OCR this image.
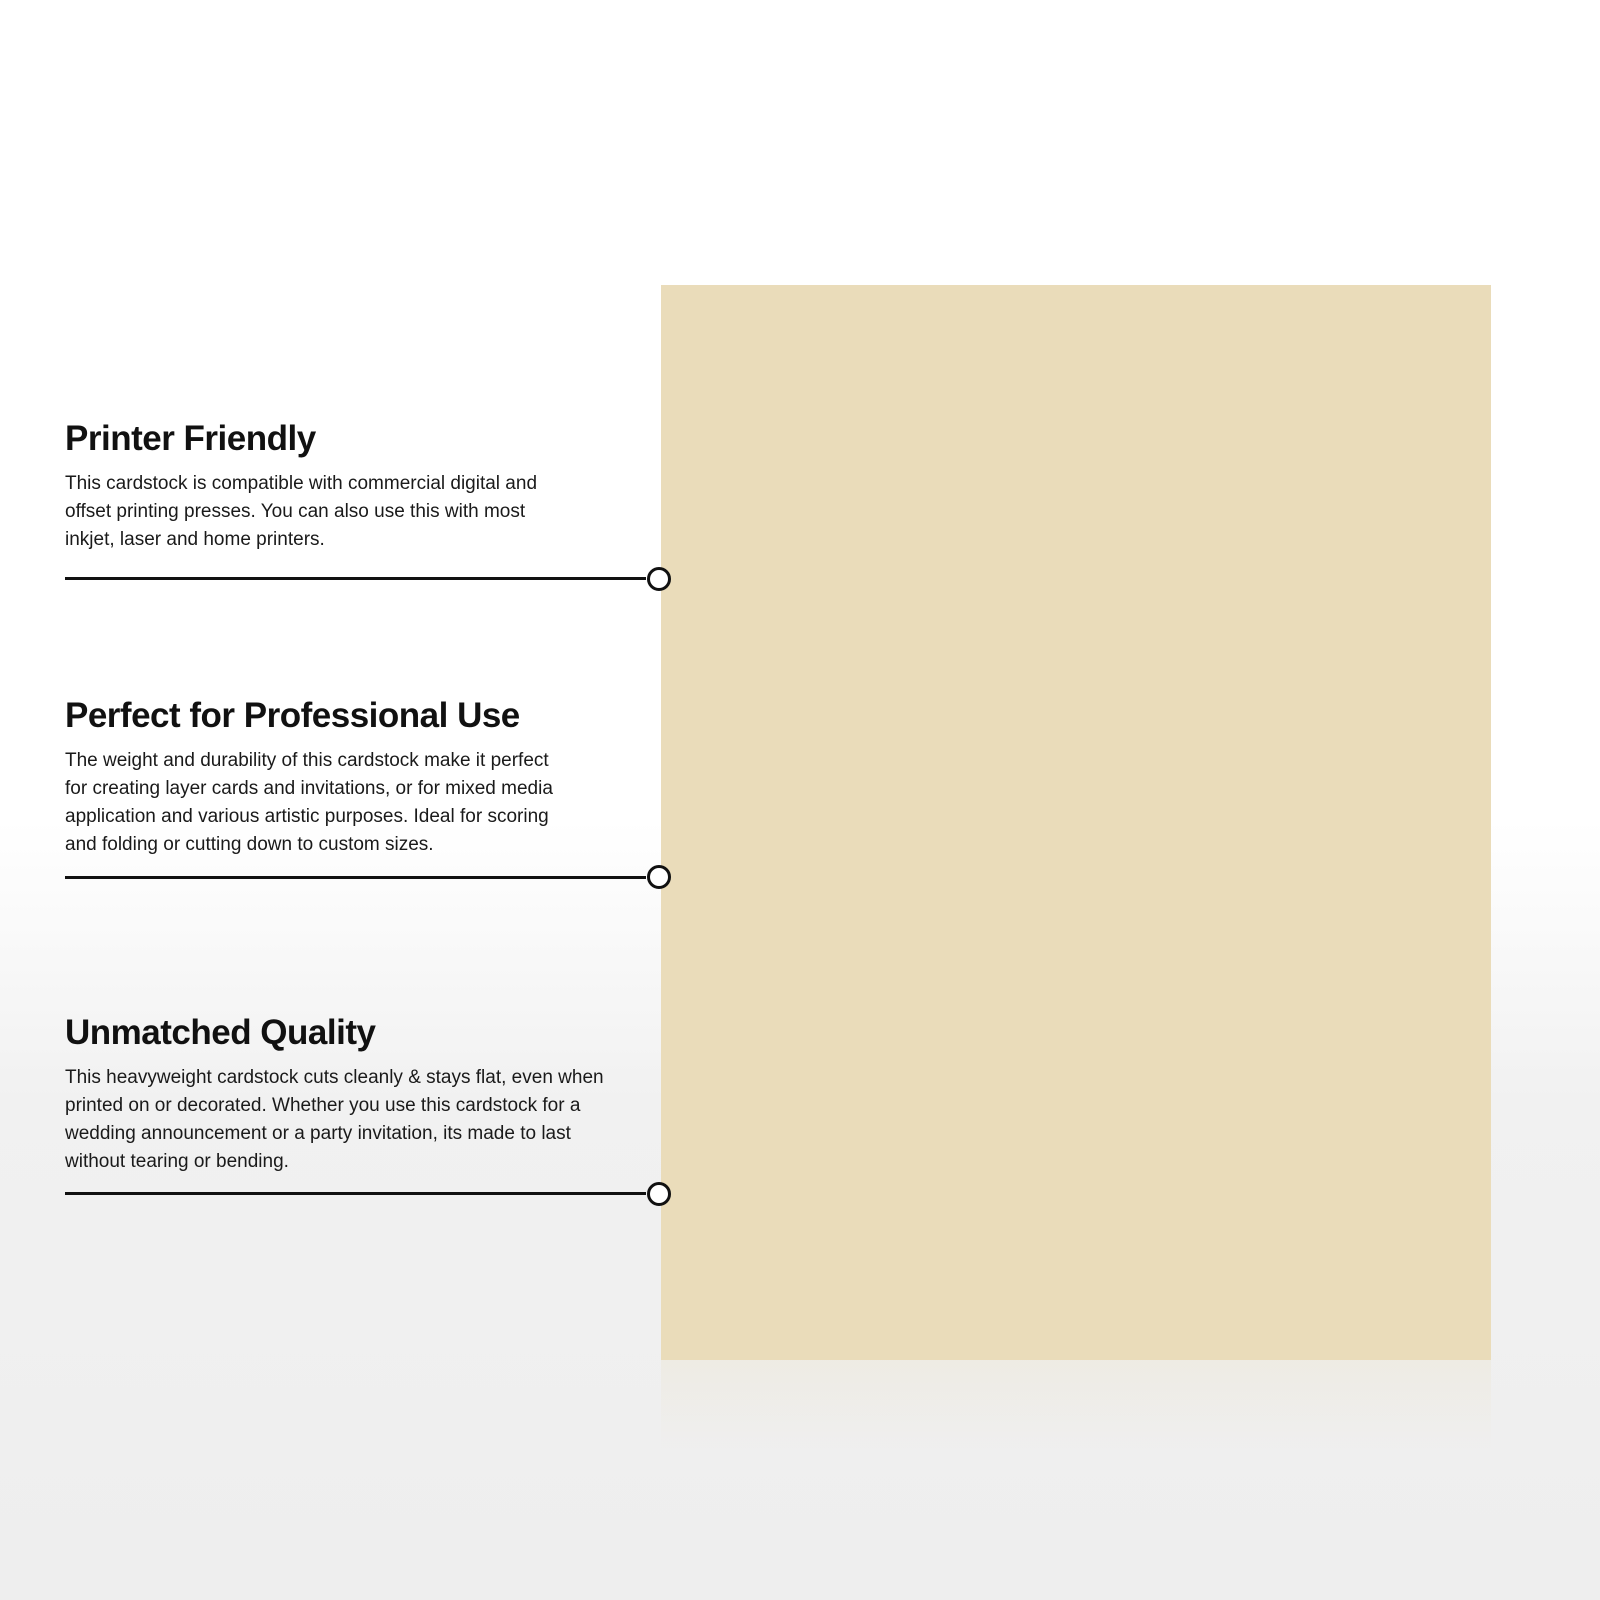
Printer Friendly

This cardstock is compatible with commercial digital and
offset printing presses. You can also use this with most
inkjet, laser and home printers.

Perfect for Professional Use

The weight and durability of this cardstock make it perfect
for creating layer cards and invitations, or for mixed media
application and various artistic purposes. Ideal for scoring
and folding or cutting down to custom sizes.

Unmatched Quality

This heavyweight cardstock cuts cleanly & stays flat, even when
printed on or decorated. Whether you use this cardstock for a
wedding announcement or a party invitation, its made to last
without tearing or bending.
